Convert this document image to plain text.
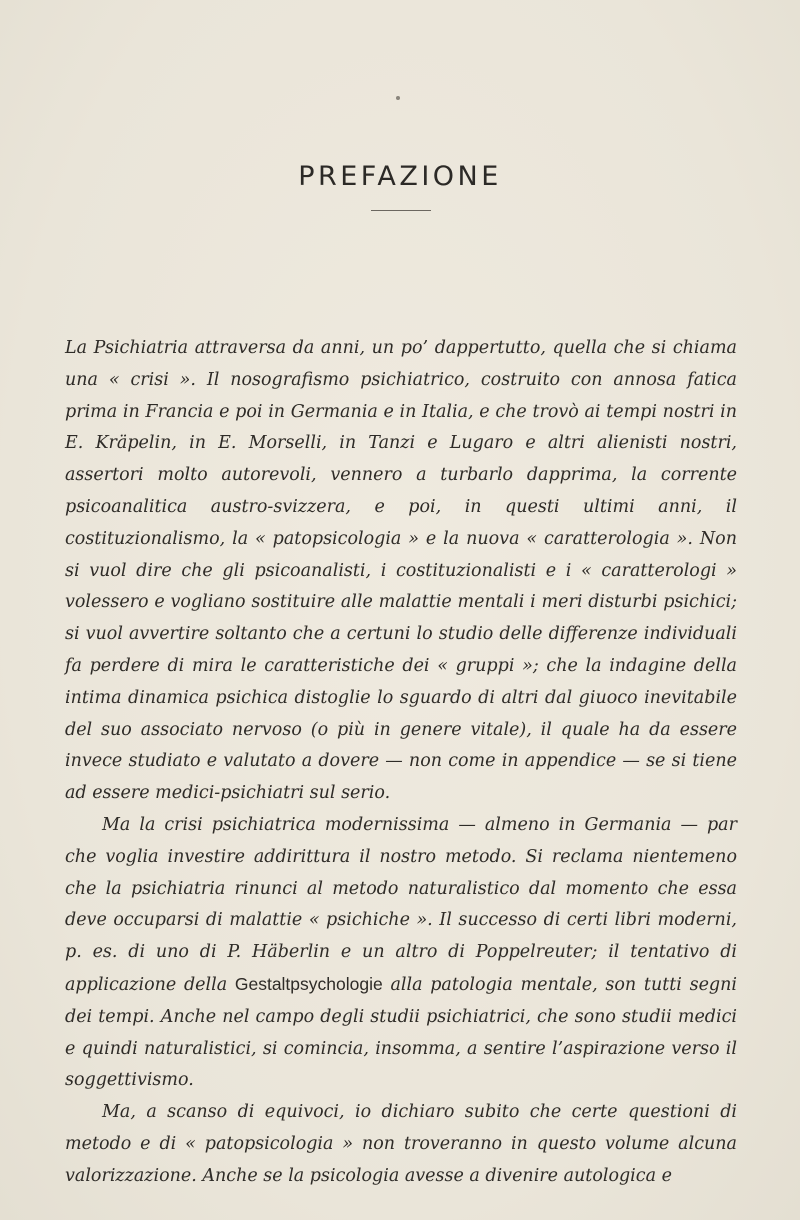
PREFAZIONE

La Psichiatria attraversa da anni, un po’ dappertutto, quella che si chiama una « crisi ». Il nosografismo psichiatrico, costruito con annosa fatica prima in Francia e poi in Germania e in Italia, e che trovò ai tempi nostri in E. Kräpelin, in E. Morselli, in Tanzi e Lugaro e altri alienisti nostri, assertori molto autorevoli, vennero a turbarlo dapprima, la corrente psicoanalitica austro-svizzera, e poi, in questi ultimi anni, il costituzionalismo, la « patopsicologia » e la nuova « caratterologia ». Non si vuol dire che gli psicoanalisti, i costituzionalisti e i « caratterologi » volessero e vogliano sostituire alle malattie mentali i meri disturbi psichici; si vuol avvertire soltanto che a certuni lo studio delle differenze individuali fa perdere di mira le caratteristiche dei « gruppi »; che la indagine della intima dinamica psichica distoglie lo sguardo di altri dal giuoco inevitabile del suo associato nervoso (o più in genere vitale), il quale ha da essere invece studiato e valutato a dovere — non come in appendice — se si tiene ad essere medici-psichiatri sul serio.

Ma la crisi psichiatrica modernissima — almeno in Germania — par che voglia investire addirittura il nostro metodo. Si reclama nientemeno che la psichiatria rinunci al metodo naturalistico dal momento che essa deve occuparsi di malattie « psichiche ». Il successo di certi libri moderni, p. es. di uno di P. Häberlin e un altro di Poppelreuter; il tentativo di applicazione della Gestaltpsychologie alla patologia mentale, son tutti segni dei tempi. Anche nel campo degli studii psichiatrici, che sono studii medici e quindi naturalistici, si comincia, insomma, a sentire l’aspirazione verso il soggettivismo.

Ma, a scanso di equivoci, io dichiaro subito che certe questioni di metodo e di « patopsicologia » non troveranno in questo volume alcuna valorizzazione. Anche se la psicologia avesse a divenire autologica e
